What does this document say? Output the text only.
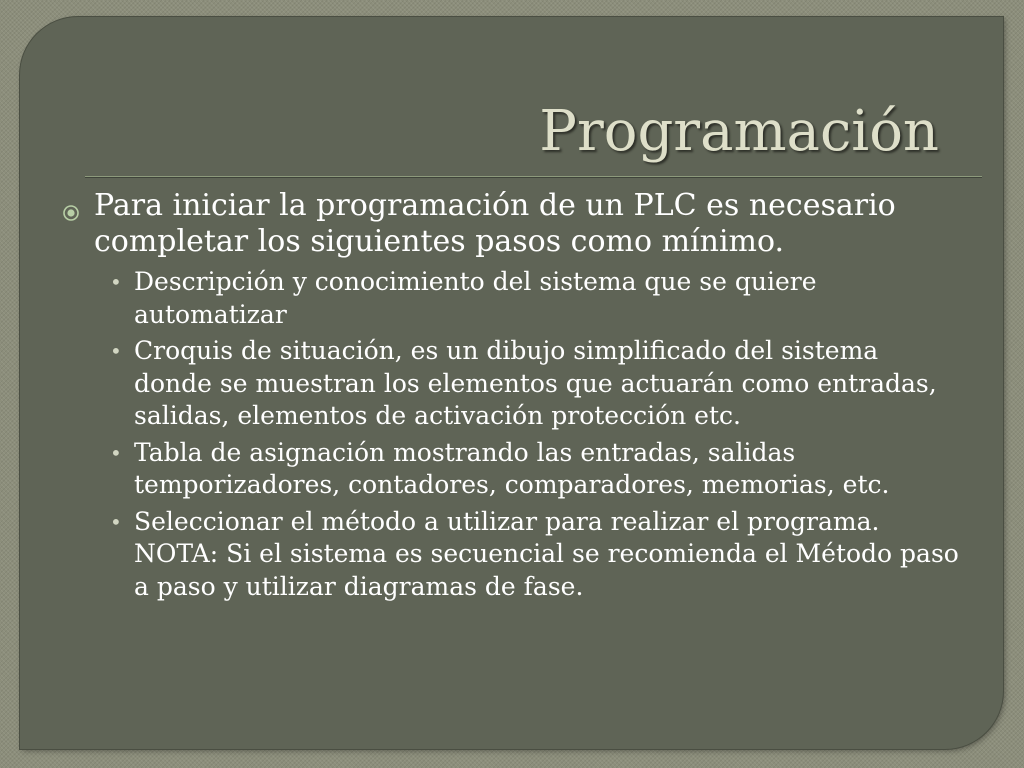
Programación
Para iniciar la programación de un PLC es necesario completar los siguientes pasos como mínimo.
• Descripción y conocimiento del sistema que se quiere automatizar
• Croquis de situación, es un dibujo simplificado del sistema donde se muestran los elementos que actuarán como entradas, salidas, elementos de activación protección etc.
• Tabla de asignación mostrando las entradas, salidas temporizadores, contadores, comparadores, memorias, etc.
• Seleccionar el método a utilizar para realizar el programa. NOTA: Si el sistema es secuencial se recomienda el Método paso a paso y utilizar diagramas de fase.
